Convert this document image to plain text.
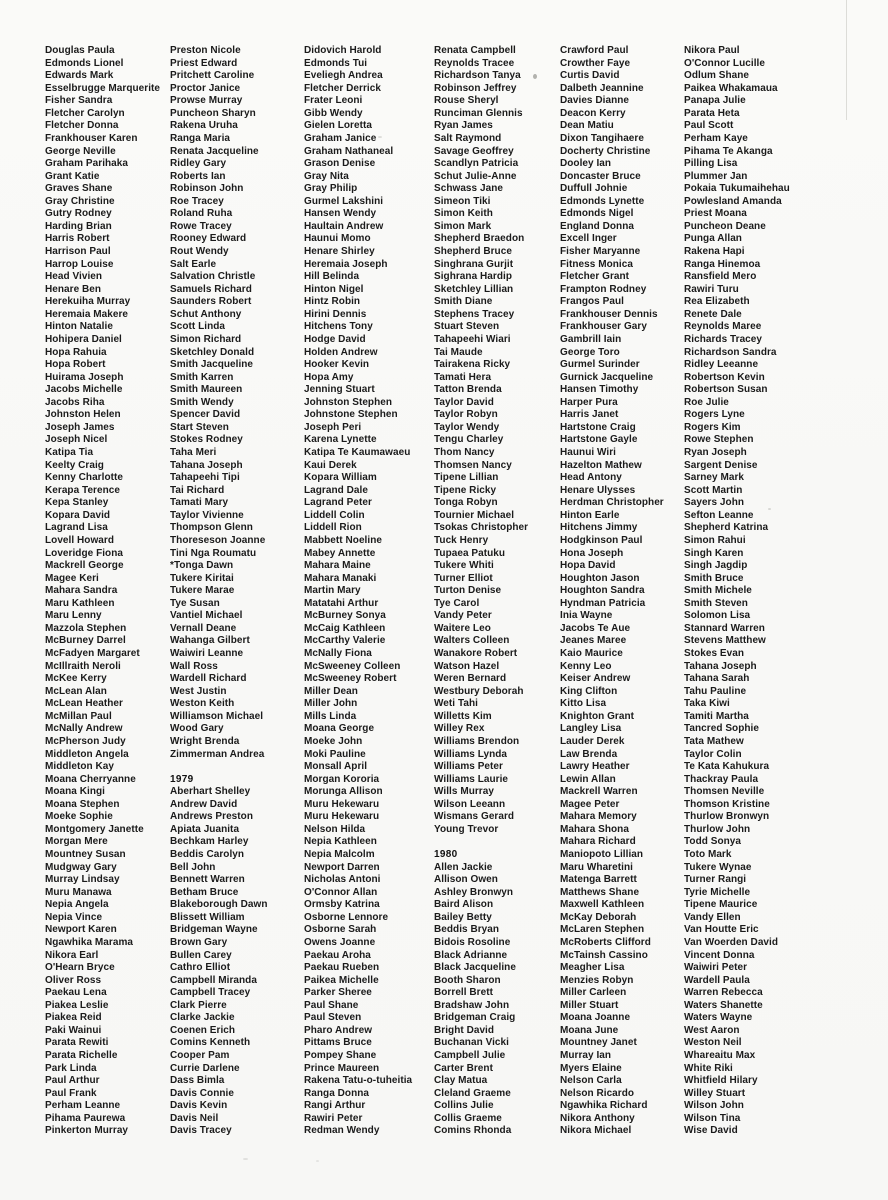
Douglas Paula
Edmonds Lionel
Edwards Mark
Esselbrugge Marquerite
Fisher Sandra
Fletcher Carolyn
Fletcher Donna
Frankhouser Karen
George Neville
Graham Parihaka
Grant Katie
Graves Shane
Gray Christine
Gutry Rodney
Harding Brian
Harris Robert
Harrison Paul
Harrop Louise
Head Vivien
Henare Ben
Herekuiha Murray
Heremaia Makere
Hinton Natalie
Hohipera Daniel
Hopa Rahuia
Hopa Robert
Huirama Joseph
Jacobs Michelle
Jacobs Riha
Johnston Helen
Joseph James
Joseph Nicel
Katipa Tia
Keelty Craig
Kenny Charlotte
Kerapa Terence
Kepa Stanley
Kopara David
Lagrand Lisa
Lovell Howard
Loveridge Fiona
Mackrell George
Magee Keri
Mahara Sandra
Maru Kathleen
Maru Lenny
Mazzola Stephen
McBurney Darrel
McFadyen Margaret
McIllraith Neroli
McKee Kerry
McLean Alan
McLean Heather
McMillan Paul
McNally Andrew
McPherson Judy
Middleton Angela
Middleton Kay
Moana Cherryanne
Moana Kingi
Moana Stephen
Moeke Sophie
Montgomery Janette
Morgan Mere
Mountney Susan
Mudgway Gary
Murray Lindsay
Muru Manawa
Nepia Angela
Nepia Vince
Newport Karen
Ngawhika Marama
Nikora Earl
O'Hearn Bryce
Oliver Ross
Paekau Lena
Piakea Leslie
Piakea Reid
Paki Wainui
Parata Rewiti
Parata Richelle
Park Linda
Paul Arthur
Paul Frank
Perham Leanne
Pihama Paurewa
Pinkerton Murray
Preston Nicole
Priest Edward
Pritchett Caroline
Proctor Janice
Prowse Murray
Puncheon Sharyn
Rakena Uruha
Ranga Maria
Renata Jacqueline
Ridley Gary
Roberts Ian
Robinson John
Roe Tracey
Roland Ruha
Rowe Tracey
Rooney Edward
Rout Wendy
Salt Earle
Salvation Christle
Samuels Richard
Saunders Robert
Schut Anthony
Scott Linda
Simon Richard
Sketchley Donald
Smith Jacqueline
Smith Karren
Smith Maureen
Smith Wendy
Spencer David
Start Steven
Stokes Rodney
Taha Meri
Tahana Joseph
Tahapeehi Tipi
Tai Richard
Tamati Mary
Taylor Vivienne
Thompson Glenn
Thoreseson Joanne
Tini Nga Roumatu
*Tonga Dawn
Tukere Kiritai
Tukere Marae
Tye Susan
Vantiel Michael
Vernall Deane
Wahanga Gilbert
Waiwiri Leanne
Wall Ross
Wardell Richard
West Justin
Weston Keith
Williamson Michael
Wood Gary
Wright Brenda
Zimmerman Andrea
1979
Aberhart Shelley
Andrew David
Andrews Preston
Apiata Juanita
Bechkam Harley
Beddis Carolyn
Bell John
Bennett Warren
Betham Bruce
Blakeborough Dawn
Blissett William
Bridgeman Wayne
Brown Gary
Bullen Carey
Cathro Elliot
Campbell Miranda
Campbell Tracey
Clark Pierre
Clarke Jackie
Coenen Erich
Comins Kenneth
Cooper Pam
Currie Darlene
Dass Bimla
Davis Connie
Davis Kevin
Davis Neil
Davis Tracey
Didovich Harold
Edmonds Tui
Eveliegh Andrea
Fletcher Derrick
Frater Leoni
Gibb Wendy
Gielen Loretta
Graham Janice
Graham Nathaneal
Grason Denise
Gray Nita
Gray Philip
Gurmel Lakshini
Hansen Wendy
Haultain Andrew
Haunui Momo
Henare Shirley
Heremaia Joseph
Hill Belinda
Hinton Nigel
Hintz Robin
Hirini Dennis
Hitchens Tony
Hodge David
Holden Andrew
Hooker Kevin
Hopa Amy
Jenning Stuart
Johnston Stephen
Johnstone Stephen
Joseph Peri
Karena Lynette
Katipa Te Kaumawaeu
Kaui Derek
Kopara William
Lagrand Dale
Lagrand Peter
Liddell Colin
Liddell Rion
Mabbett Noeline
Mabey Annette
Mahara Maine
Mahara Manaki
Martin Mary
Matatahi Arthur
McBurney Sonya
McCaig Kathleen
McCarthy Valerie
McNally Fiona
McSweeney Colleen
McSweeney Robert
Miller Dean
Miller John
Mills Linda
Moana George
Moeke John
Moki Pauline
Monsall April
Morgan Kororia
Morunga Allison
Muru Hekewaru
Muru Hekewaru
Nelson Hilda
Nepia Kathleen
Nepia Malcolm
Newport Darren
Nicholas Antoni
O'Connor Allan
Ormsby Katrina
Osborne Lennore
Osborne Sarah
Owens Joanne
Paekau Aroha
Paekau Rueben
Paikea Michelle
Parker Sheree
Paul Shane
Paul Steven
Pharo Andrew
Pittams Bruce
Pompey Shane
Prince Maureen
Rakena Tatu-o-tuheitia
Ranga Donna
Rangi Arthur
Rawiri Peter
Redman Wendy
Renata Campbell
Reynolds Tracee
Richardson Tanya
Robinson Jeffrey
Rouse Sheryl
Runciman Glennis
Ryan James
Salt Raymond
Savage Geoffrey
Scandlyn Patricia
Schut Julie-Anne
Schwass Jane
Simeon Tiki
Simon Keith
Simon Mark
Shepherd Braedon
Shepherd Bruce
Singhrana Gurjit
Sighrana Hardip
Sketchley Lillian
Smith Diane
Stephens Tracey
Stuart Steven
Tahapeehi Wiari
Tai Maude
Tairakena Ricky
Tamati Hera
Tatton Brenda
Taylor David
Taylor Robyn
Taylor Wendy
Tengu Charley
Thom Nancy
Thomsen Nancy
Tipene Lillian
Tipene Ricky
Tonga Robyn
Tournier Michael
Tsokas Christopher
Tuck Henry
Tupaea Patuku
Tukere Whiti
Turner Elliot
Turton Denise
Tye Carol
Vandy Peter
Waitere Leo
Walters Colleen
Wanakore Robert
Watson Hazel
Weren Bernard
Westbury Deborah
Weti Tahi
Willetts Kim
Willey Rex
Williams Brendon
Williams Lynda
Williams Peter
Williams Laurie
Wills Murray
Wilson Leeann
Wismans Gerard
Young Trevor
1980
Allen Jackie
Allison Owen
Ashley Bronwyn
Baird Alison
Bailey Betty
Beddis Bryan
Bidois Rosoline
Black Adrianne
Black Jacqueline
Booth Sharon
Borrell Brett
Bradshaw John
Bridgeman Craig
Bright David
Buchanan Vicki
Campbell Julie
Carter Brent
Clay Matua
Cleland Graeme
Collins Julie
Collis Graeme
Comins Rhonda
Crawford Paul
Crowther Faye
Curtis David
Dalbeth Jeannine
Davies Dianne
Deacon Kerry
Dean Matiu
Dixon Tangihaere
Docherty Christine
Dooley Ian
Doncaster Bruce
Duffull Johnie
Edmonds Lynette
Edmonds Nigel
England Donna
Excell Inger
Fisher Maryanne
Fitness Monica
Fletcher Grant
Frampton Rodney
Frangos Paul
Frankhouser Dennis
Frankhouser Gary
Gambrill Iain
George Toro
Gurmel Surinder
Gurnick Jacqueline
Hansen Timothy
Harper Pura
Harris Janet
Hartstone Craig
Hartstone Gayle
Haunui Wiri
Hazelton Mathew
Head Antony
Henare Ulysses
Herdman Christopher
Hinton Earle
Hitchens Jimmy
Hodgkinson Paul
Hona Joseph
Hopa David
Houghton Jason
Houghton Sandra
Hyndman Patricia
Inia Wayne
Jacobs Te Aue
Jeanes Maree
Kaio Maurice
Kenny Leo
Keiser Andrew
King Clifton
Kitto Lisa
Knighton Grant
Langley Lisa
Lauder Derek
Law Brenda
Lawry Heather
Lewin Allan
Mackrell Warren
Magee Peter
Mahara Memory
Mahara Shona
Mahara Richard
Maniopoto Lillian
Maru Wharetini
Matenga Barrett
Matthews Shane
Maxwell Kathleen
McKay Deborah
McLaren Stephen
McRoberts Clifford
McTainsh Cassino
Meagher Lisa
Menzies Robyn
Miller Carleen
Miller Stuart
Moana Joanne
Moana June
Mountney Janet
Murray Ian
Myers Elaine
Nelson Carla
Nelson Ricardo
Ngawhika Richard
Nikora Anthony
Nikora Michael
Nikora Paul
O'Connor Lucille
Odlum Shane
Paikea Whakamaua
Panapa Julie
Parata Heta
Paul Scott
Perham Kaye
Pihama Te Akanga
Pilling Lisa
Plummer Jan
Pokaia Tukumaihehau
Powlesland Amanda
Priest Moana
Puncheon Deane
Punga Allan
Rakena Hapi
Ranga Hinemoa
Ransfield Mero
Rawiri Turu
Rea Elizabeth
Renete Dale
Reynolds Maree
Richards Tracey
Richardson Sandra
Ridley Leeanne
Robertson Kevin
Robertson Susan
Roe Julie
Rogers Lyne
Rogers Kim
Rowe Stephen
Ryan Joseph
Sargent Denise
Sarney Mark
Scott Martin
Sayers John
Sefton Leanne
Shepherd Katrina
Simon Rahui
Singh Karen
Singh Jagdip
Smith Bruce
Smith Michele
Smith Steven
Solomon Lisa
Stannard Warren
Stevens Matthew
Stokes Evan
Tahana Joseph
Tahana Sarah
Tahu Pauline
Taka Kiwi
Tamiti Martha
Tancred Sophie
Tata Mathew
Taylor Colin
Te Kata Kahukura
Thackray Paula
Thomsen Neville
Thomson Kristine
Thurlow Bronwyn
Thurlow John
Todd Sonya
Toto Mark
Tukere Wynae
Turner Rangi
Tyrie Michelle
Tipene Maurice
Vandy Ellen
Van Houtte Eric
Van Woerden David
Vincent Donna
Waiwiri Peter
Wardell Paula
Warren Rebecca
Waters Shanette
Waters Wayne
West Aaron
Weston Neil
Whareaitu Max
White Riki
Whitfield Hilary
Willey Stuart
Wilson John
Wilson Tina
Wise David
